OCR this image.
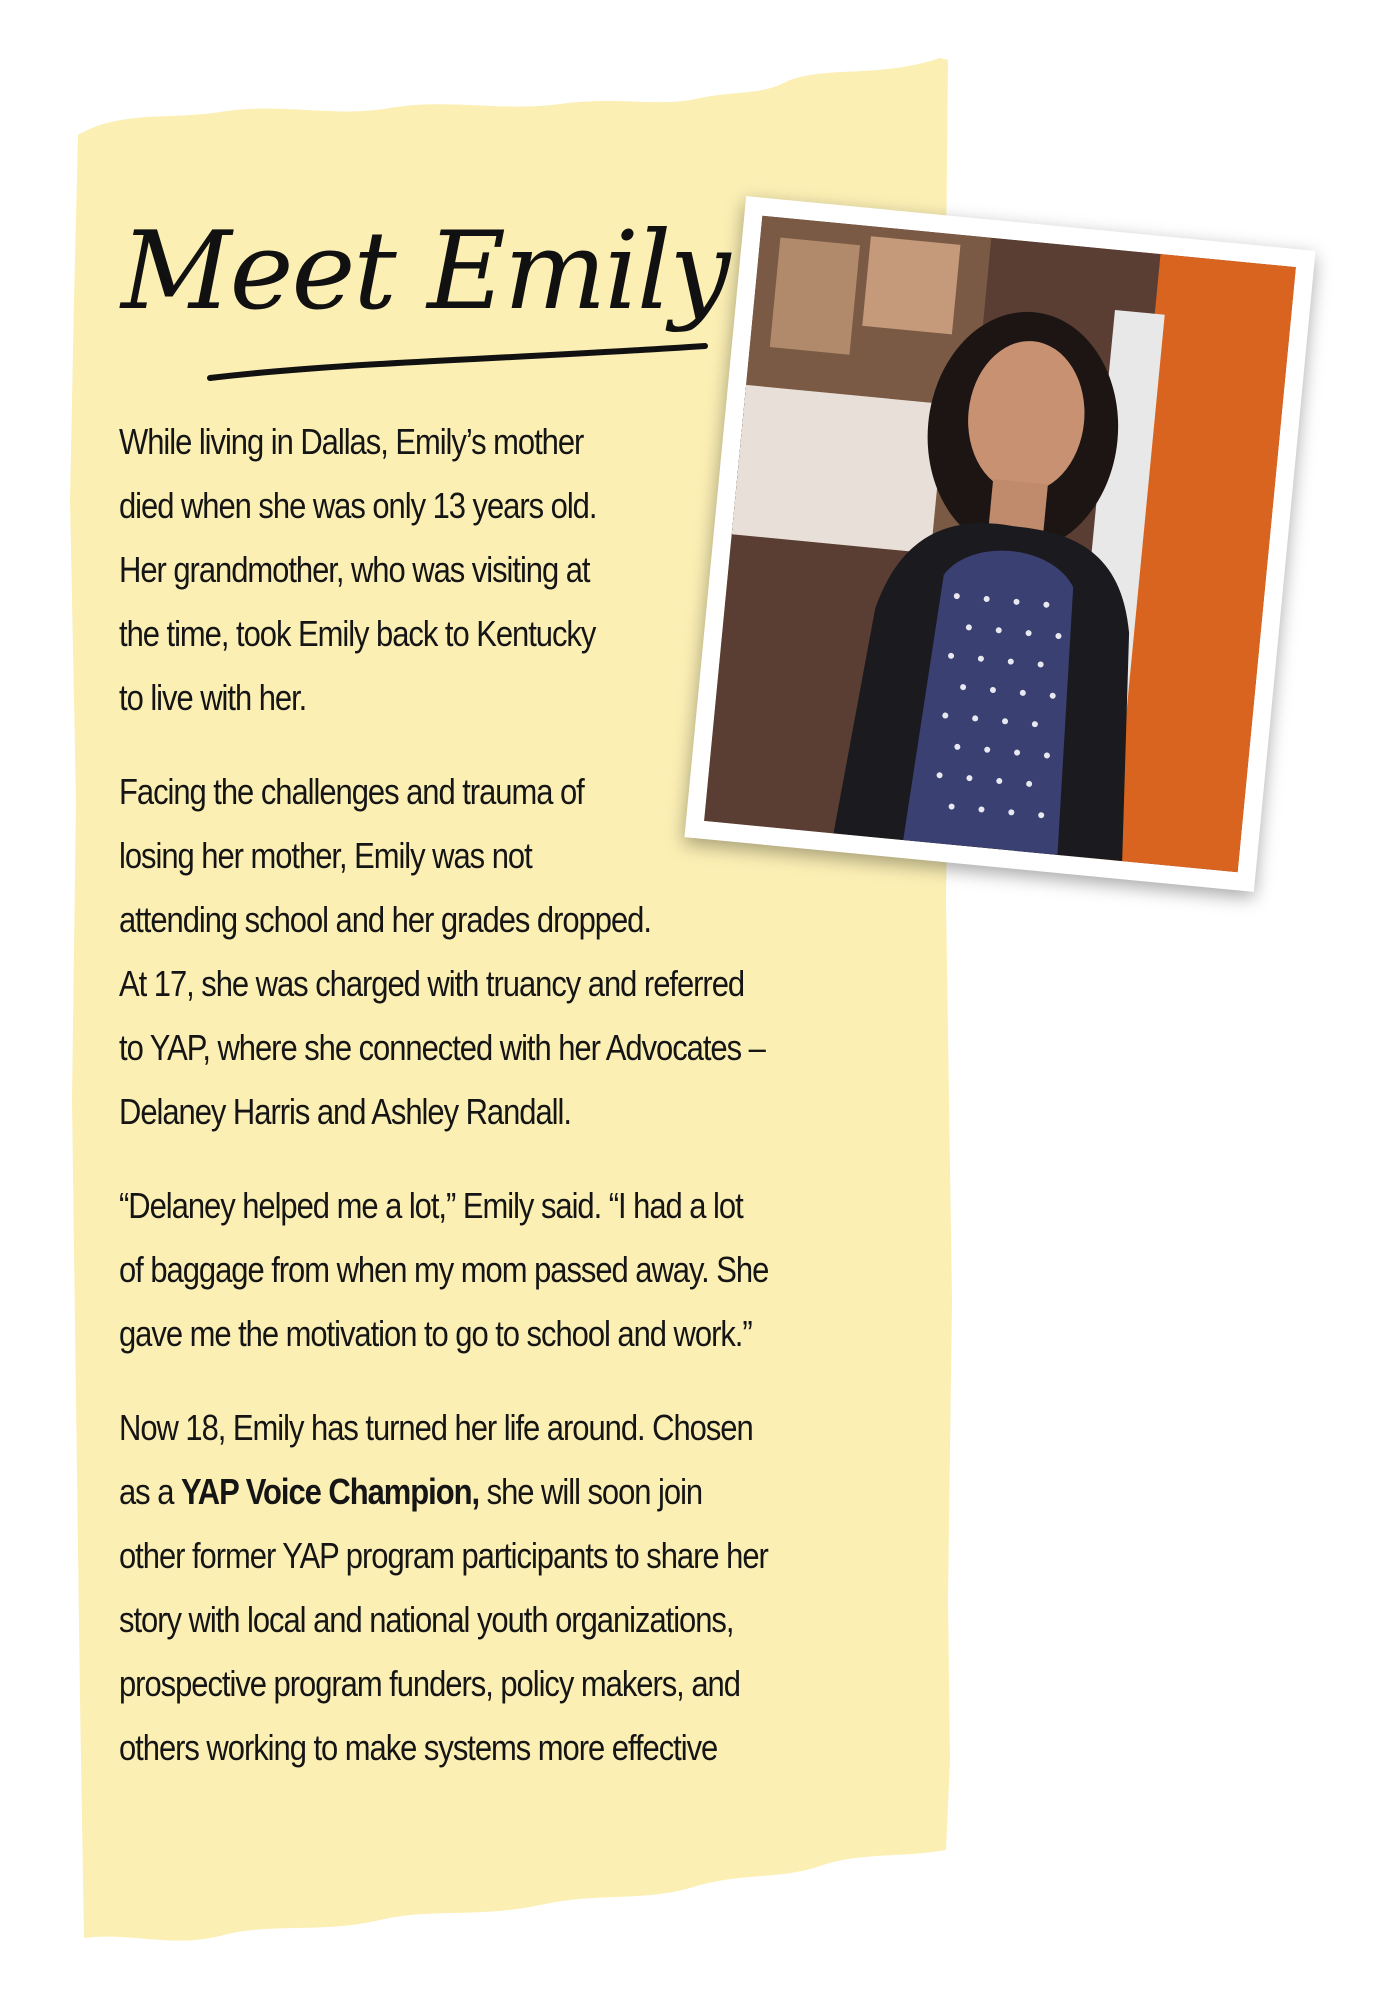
Meet Emily

While living in Dallas, Emily’s mother
died when she was only 13 years old.
Her grandmother, who was visiting at
the time, took Emily back to Kentucky
to live with her.

Facing the challenges and trauma of
losing her mother, Emily was not
attending school and her grades dropped.
At 17, she was charged with truancy and referred
to YAP, where she connected with her Advocates –
Delaney Harris and Ashley Randall.

“Delaney helped me a lot,” Emily said. “I had a lot
of baggage from when my mom passed away. She
gave me the motivation to go to school and work.”

Now 18, Emily has turned her life around. Chosen
as a YAP Voice Champion, she will soon join
other former YAP program participants to share her
story with local and national youth organizations,
prospective program funders, policy makers, and
others working to make systems more effective
